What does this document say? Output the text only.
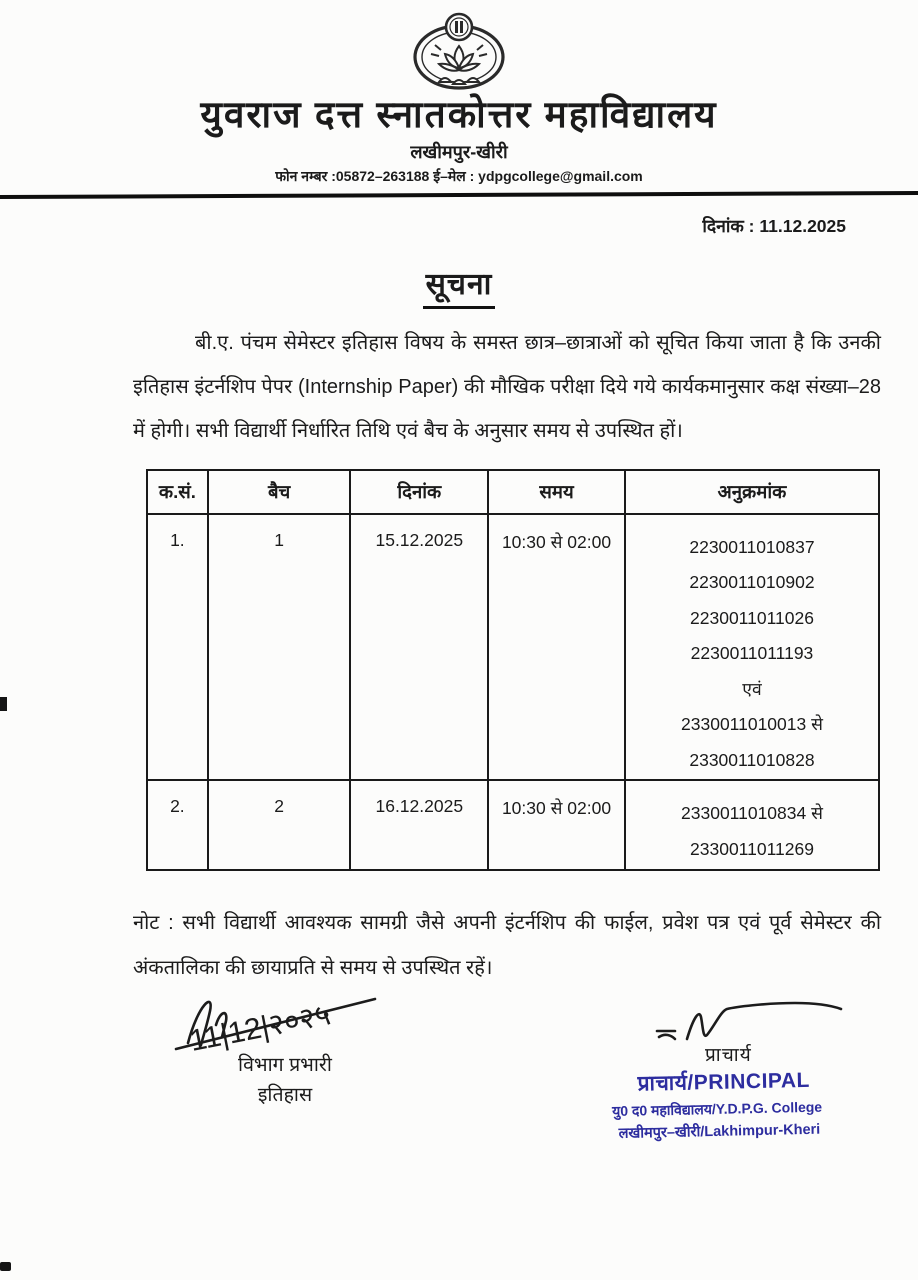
युवराज दत्त स्नातकोत्तर महाविद्यालय
लखीमपुर-खीरी
फोन नम्बर :05872–263188 ई–मेल : ydpgcollege@gmail.com
दिनांक : 11.12.2025
सूचना

बी.ए. पंचम सेमेस्टर इतिहास विषय के समस्त छात्र–छात्राओं को सूचित किया जाता है कि उनकी इतिहास इंटर्नशिप पेपर (Internship Paper) की मौखिक परीक्षा दिये गये कार्यकमानुसार कक्ष संख्या–28 में होगी। सभी विद्यार्थी निर्धारित तिथि एवं बैच के अनुसार समय से उपस्थित हों।

क.सं.	बैच	दिनांक	समय	अनुक्रमांक
1.	1	15.12.2025	10:30 से 02:00	2230011010837
2230011010902
2230011011026
2230011011193
एवं
2330011010013 से
2330011010828

2.	2	16.12.2025	10:30 से 02:00	2330011010834 से
2330011011269

नोट : सभी विद्यार्थी आवश्यक सामग्री जैसे अपनी इंटर्नशिप की फाईल, प्रवेश पत्र एवं पूर्व सेमेस्टर की अंकतालिका की छायाप्रति से समय से उपस्थित रहें।

11|12|२०२५
विभाग प्रभारी
इतिहास
प्राचार्य
प्राचार्य/PRINCIPAL
यु0 द0 महाविद्यालय/Y.D.P.G. College
लखीमपुर–खीरी/Lakhimpur-Kheri
